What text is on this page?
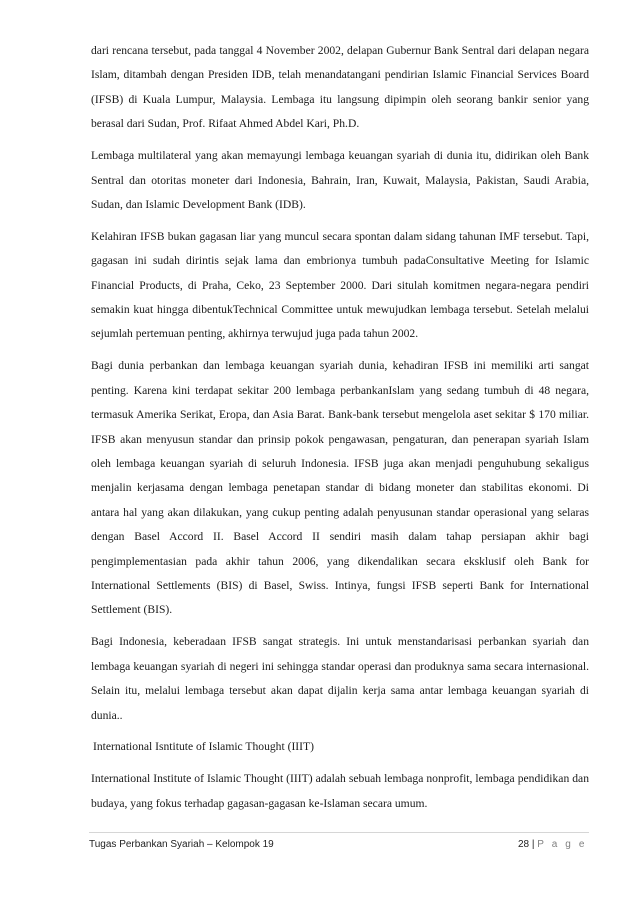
dari rencana tersebut, pada tanggal 4 November 2002, delapan Gubernur Bank Sentral dari delapan negara Islam, ditambah dengan Presiden IDB, telah menandatangani pendirian Islamic Financial Services Board (IFSB) di Kuala Lumpur, Malaysia. Lembaga itu langsung dipimpin oleh seorang bankir senior yang berasal dari Sudan, Prof. Rifaat Ahmed Abdel Kari, Ph.D.

Lembaga multilateral yang akan memayungi lembaga keuangan syariah di dunia itu, didirikan oleh Bank Sentral dan otoritas moneter dari Indonesia, Bahrain, Iran, Kuwait, Malaysia, Pakistan, Saudi Arabia, Sudan, dan Islamic Development Bank (IDB).

Kelahiran IFSB bukan gagasan liar yang muncul secara spontan dalam sidang tahunan IMF tersebut. Tapi, gagasan ini sudah dirintis sejak lama dan embrionya tumbuh padaConsultative Meeting for Islamic Financial Products, di Praha, Ceko, 23 September 2000. Dari situlah komitmen negara-negara pendiri semakin kuat hingga dibentukTechnical Committee untuk mewujudkan lembaga tersebut. Setelah melalui sejumlah pertemuan penting, akhirnya terwujud juga pada tahun 2002.

Bagi dunia perbankan dan lembaga keuangan syariah dunia, kehadiran IFSB ini memiliki arti sangat penting. Karena kini terdapat sekitar 200 lembaga perbankanIslam yang sedang tumbuh di 48 negara, termasuk Amerika Serikat, Eropa, dan Asia Barat. Bank-bank tersebut mengelola aset sekitar $ 170 miliar. IFSB akan menyusun standar dan prinsip pokok pengawasan, pengaturan, dan penerapan syariah Islam oleh lembaga keuangan syariah di seluruh Indonesia. IFSB juga akan menjadi penguhubung sekaligus menjalin kerjasama dengan lembaga penetapan standar di bidang moneter dan stabilitas ekonomi. Di antara hal yang akan dilakukan, yang cukup penting adalah penyusunan standar operasional yang selaras dengan Basel Accord II. Basel Accord II sendiri masih dalam tahap persiapan akhir bagi pengimplementasian pada akhir tahun 2006, yang dikendalikan secara eksklusif oleh Bank for International Settlements (BIS) di Basel, Swiss. Intinya, fungsi IFSB seperti Bank for International Settlement (BIS).

Bagi Indonesia, keberadaan IFSB sangat strategis. Ini untuk menstandarisasi perbankan syariah dan lembaga keuangan syariah di negeri ini sehingga standar operasi dan produknya sama secara internasional. Selain itu, melalui lembaga tersebut akan dapat dijalin kerja sama antar lembaga keuangan syariah di dunia..

International Isntitute of Islamic Thought (IIIT)

International Institute of Islamic Thought (IIIT) adalah sebuah lembaga nonprofit, lembaga pendidikan dan budaya, yang fokus terhadap gagasan-gagasan ke-Islaman secara umum.

Tugas Perbankan Syariah – Kelompok 19	28 | P a g e
